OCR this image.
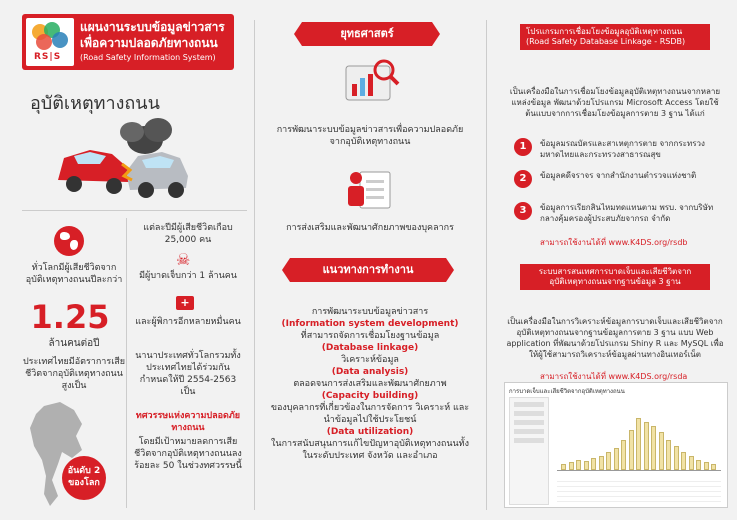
RS|S
แผนงานระบบข้อมูลข่าวสาร
เพื่อความปลอดภัยทางถนน
(Road Safety Information System)
อุบัติเหตุทางถนน
ทั่วโลกมีผู้เสียชีวิตจากอุบัติเหตุทางถนนปีละกว่า
1.25
ล้านคนต่อปี
ประเทศไทยมีอัตราการเสียชีวิตจากอุบัติเหตุทางถนนสูงเป็น
อันดับ 2 ของโลก
แต่ละปีมีผู้เสียชีวิตเกือบ 25,000 คน
☠
มีผู้บาดเจ็บกว่า 1 ล้านคน
+
และผู้พิการอีกหลายหมื่นคน
นานาประเทศทั่วโลกรวมทั้งประเทศไทยได้ร่วมกันกำหนดให้ปี 2554-2563 เป็น
ทศวรรษแห่งความปลอดภัยทางถนน
โดยมีเป้าหมายลดการเสียชีวิตจากอุบัติเหตุทางถนนลงร้อยละ 50 ในช่วงทศวรรษนี้
ยุทธศาสตร์
การพัฒนาระบบข้อมูลข่าวสารเพื่อความปลอดภัยจากอุบัติเหตุทางถนน
การส่งเสริมและพัฒนาศักยภาพของบุคลากร
แนวทางการทำงาน
การพัฒนาระบบข้อมูลข่าวสาร
(Information system development)
ที่สามารถจัดการเชื่อมโยงฐานข้อมูล
(Database linkage)
วิเคราะห์ข้อมูล
(Data analysis)
ตลอดจนการส่งเสริมและพัฒนาศักยภาพ
(Capacity building)
ของบุคลากรที่เกี่ยวข้องในการจัดการ วิเคราะห์ และนำข้อมูลไปใช้ประโยชน์
(Data utilization)
ในการสนับสนุนการแก้ไขปัญหาอุบัติเหตุทางถนนทั้งในระดับประเทศ จังหวัด และอำเภอ
โปรแกรมการเชื่อมโยงข้อมูลอุบัติเหตุทางถนน
(Road Safety Database Linkage - RSDB)
เป็นเครื่องมือในการเชื่อมโยงข้อมูลอุบัติเหตุทางถนนจากหลายแหล่งข้อมูล พัฒนาด้วยโปรแกรม Microsoft Access โดยใช้ต้นแบบจากการเชื่อมโยงข้อมูลการตาย 3 ฐาน ได้แก่
1	ข้อมูลมรณบัตรและสาเหตุการตาย จากกระทรวงมหาดไทยและกระทรวงสาธารณสุข
2	ข้อมูลคดีจราจร จากสำนักงานตำรวจแห่งชาติ
3	ข้อมูลการเรียกสินไหมทดแทนตาม พรบ. จากบริษัทกลางคุ้มครองผู้ประสบภัยจากรถ จำกัด
สามารถใช้งานได้ที่ www.K4DS.org/rsdb
ระบบสารสนเทศการบาดเจ็บและเสียชีวิตจากอุบัติเหตุทางถนนจากฐานข้อมูล 3 ฐาน
เป็นเครื่องมือในการวิเคราะห์ข้อมูลการบาดเจ็บและเสียชีวิตจากอุบัติเหตุทางถนนจากฐานข้อมูลการตาย 3 ฐาน แบบ Web application ที่พัฒนาด้วยโปรแกรม Shiny R และ MySQL เพื่อให้ผู้ใช้สามารถวิเคราะห์ข้อมูลผ่านทางอินเทอร์เน็ต
สามารถใช้งานได้ที่ www.K4DS.org/rsda
การบาดเจ็บและเสียชีวิตจากอุบัติเหตุทางถนน
